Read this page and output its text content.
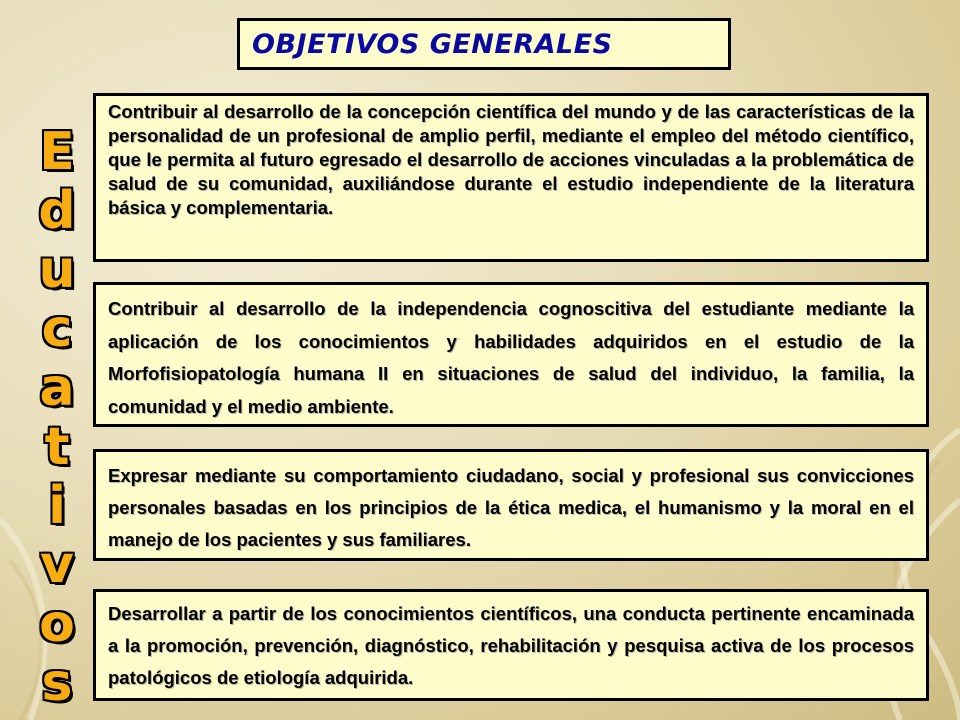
OBJETIVOS GENERALES
E
d
u
c
a
t
i
v
o
s

Contribuir al desarrollo de la concepción científica del mundo y de las características de la personalidad de un profesional de amplio perfil, mediante el empleo del método científico, que le permita al futuro egresado el desarrollo de acciones vinculadas a la problemática de salud de su comunidad, auxiliándose durante el estudio independiente de la literatura básica y complementaria.

Contribuir al desarrollo de la independencia cognoscitiva del estudiante mediante la aplicación de los conocimientos y habilidades adquiridos en el estudio de la Morfofisiopatología humana II en situaciones de salud del individuo, la familia, la comunidad y el medio ambiente.

Expresar mediante su comportamiento ciudadano, social y profesional sus convicciones personales basadas en los principios de la ética medica, el humanismo y la moral en el manejo de los pacientes y sus familiares.

Desarrollar a partir de los conocimientos científicos, una conducta pertinente encaminada a la promoción, prevención, diagnóstico, rehabilitación y pesquisa activa de los procesos patológicos de etiología adquirida.
